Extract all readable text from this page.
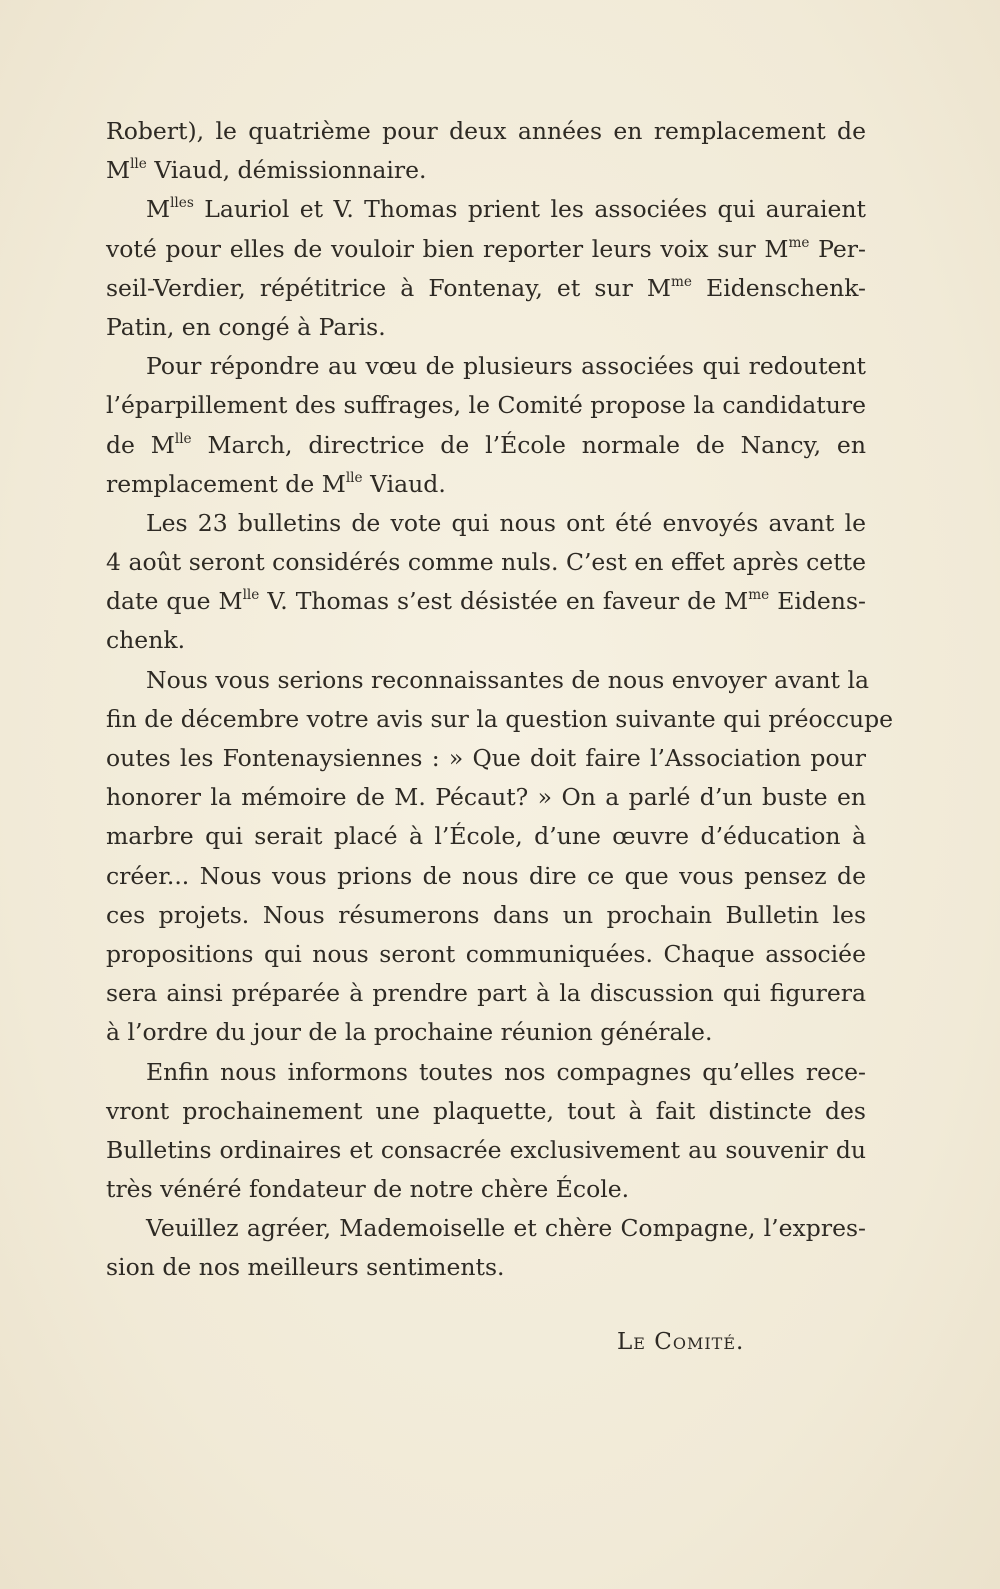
Robert), le quatrième pour deux années en remplacement de
$M^{lle}$ Viaud, démissionnaire.
$M^{lles}$ Lauriol et V. Thomas prient les associées qui auraient
voté pour elles de vouloir bien reporter leurs voix sur $M^{me}$ Per-
seil-Verdier, répétitrice à Fontenay, et sur $M^{me}$ Eidenschenk-
Patin, en congé à Paris.
Pour répondre au vœu de plusieurs associées qui redoutent
l’éparpillement des suffrages, le Comité propose la candidature
de $M^{lle}$ March, directrice de l’École normale de Nancy, en
remplacement de $M^{lle}$ Viaud.
Les 23 bulletins de vote qui nous ont été envoyés avant le
4 août seront considérés comme nuls. C’est en effet après cette
date que $M^{lle}$ V. Thomas s’est désistée en faveur de $M^{me}$ Eidens-
chenk.
Nous vous serions reconnaissantes de nous envoyer avant la
fin de décembre votre avis sur la question suivante qui préoccupe
outes les Fontenaysiennes : » Que doit faire l’Association pour
honorer la mémoire de M. Pécaut? » On a parlé d’un buste en
marbre qui serait placé à l’École, d’une œuvre d’éducation à
créer... Nous vous prions de nous dire ce que vous pensez de
ces projets. Nous résumerons dans un prochain Bulletin les
propositions qui nous seront communiquées. Chaque associée
sera ainsi préparée à prendre part à la discussion qui figurera
à l’ordre du jour de la prochaine réunion générale.
Enfin nous informons toutes nos compagnes qu’elles rece-
vront prochainement une plaquette, tout à fait distincte des
Bulletins ordinaires et consacrée exclusivement au souvenir du
très vénéré fondateur de notre chère École.
Veuillez agréer, Mademoiselle et chère Compagne, l’expres-
sion de nos meilleurs sentiments.
Le Comité.
